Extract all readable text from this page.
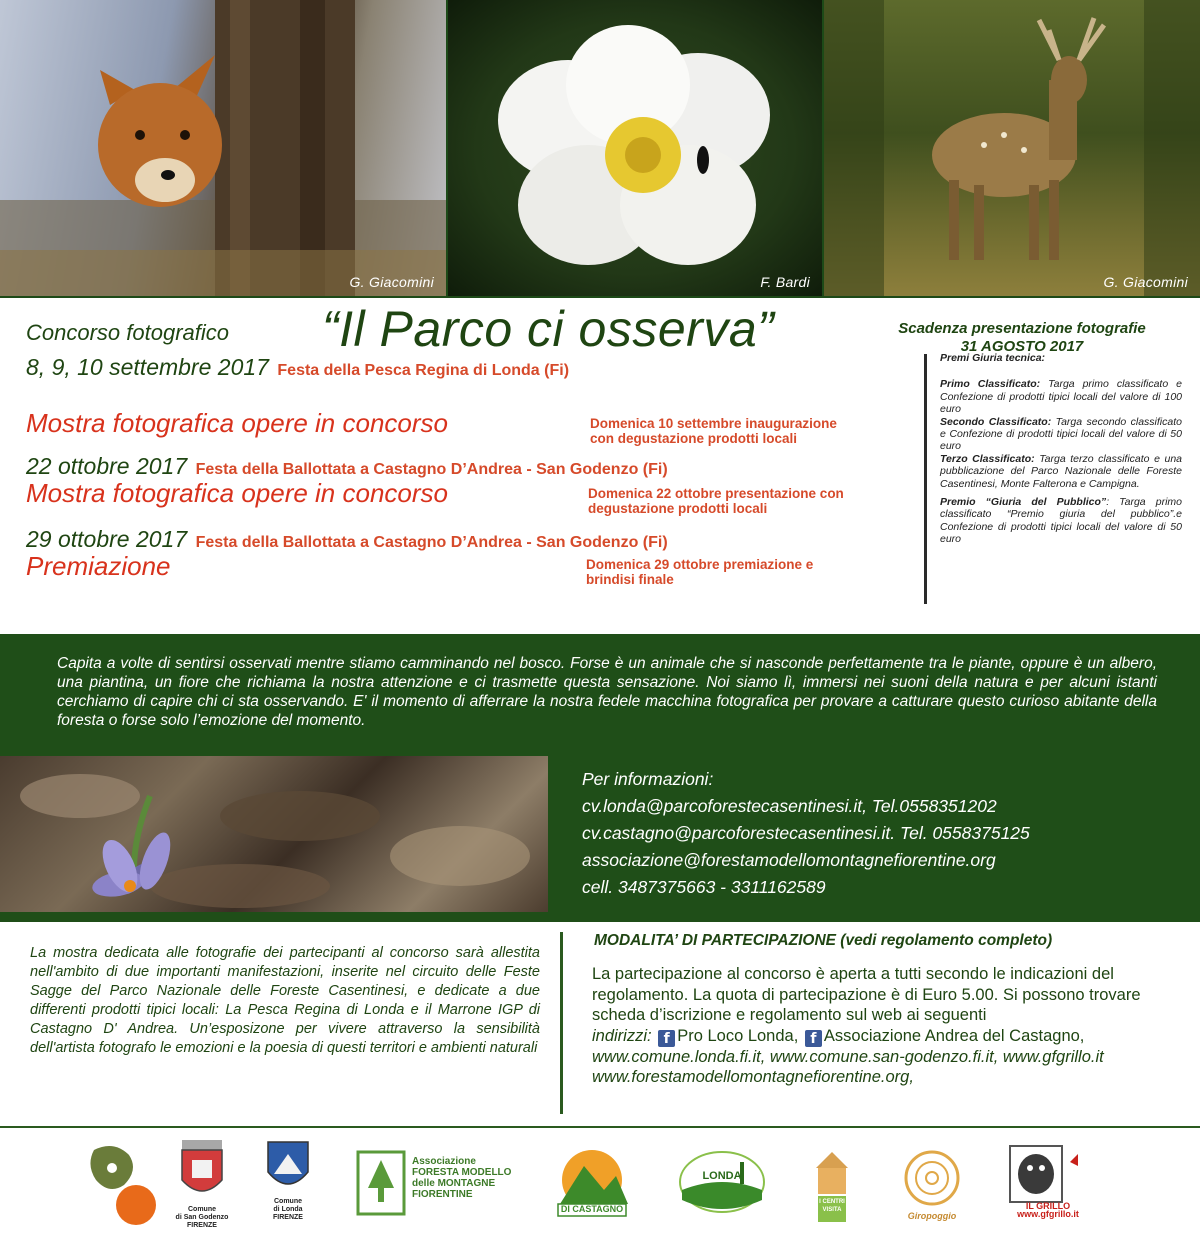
G. Giacomini	F. Bardi	G. Giacomini
Concorso fotografico “Il Parco ci osserva”	Scadenza presentazione fotografie
31 AGOSTO 2017
8, 9, 10 settembre 2017 Festa della Pesca Regina di Londa (Fi)
Mostra fotografica opere in concorso	Domenica 10 settembre inaugurazione
con degustazione prodotti locali
22 ottobre 2017 Festa della Ballottata a Castagno D’Andrea - San Godenzo (Fi)
Mostra fotografica opere in concorso	Domenica 22 ottobre presentazione con
degustazione prodotti locali
29 ottobre 2017 Festa della Ballottata a Castagno D’Andrea - San Godenzo (Fi)
Premiazione	Domenica 29 ottobre premiazione e
brindisi finale

Premi Giuria tecnica:

Primo Classificato: Targa primo classificato e Confezione di prodotti tipici locali del valore di 100 euro
Secondo Classificato: Targa secondo classificato e Confezione di prodotti tipici locali del valore di 50 euro
Terzo Classificato: Targa terzo classificato e una pubblicazione del Parco Nazionale delle Foreste Casentinesi, Monte Falterona e Campigna.

Premio “Giuria del Pubblico”: Targa primo classificato “Premio giuria del pubblico”.e Confezione di prodotti tipici locali del valore di 50 euro

Capita a volte di sentirsi osservati mentre stiamo camminando nel bosco. Forse è un animale che si nasconde perfettamente tra le piante, oppure è un albero, una piantina, un fiore che richiama la nostra attenzione e ci trasmette questa sensazione. Noi siamo lì, immersi nei suoni della natura e per alcuni istanti cerchiamo di capire chi ci sta osservando. E' il momento di afferrare la nostra fedele macchina fotografica per provare a catturare questo curioso abitante della foresta o forse solo l’emozione del momento.
Per informazioni:
cv.londa@parcoforestecasentinesi.it, Tel.0558351202
cv.castagno@parcoforestecasentinesi.it. Tel. 0558375125
associazione@forestamodellomontagnefiorentine.org
cell. 3487375663 - 3311162589
La mostra dedicata alle fotografie dei partecipanti al concorso sarà allestita nell'ambito di due importanti manifestazioni, inserite nel circuito delle Feste Sagge del Parco Nazionale delle Foreste Casentinesi, e dedicate a due differenti prodotti tipici locali: La Pesca Regina di Londa e il Marrone IGP di Castagno D' Andrea. Un’esposizone per vivere attraverso la sensibilità dell'artista fotografo le emozioni e la poesia di questi territori e ambienti naturali
MODALITA’ DI PARTECIPAZIONE (vedi regolamento completo)
La partecipazione al concorso è aperta a tutti secondo le indicazioni del regolamento. La quota di partecipazione è di Euro 5.00. Si possono trovare scheda d’iscrizione e regolamento sul web ai seguenti
indirizzi: f Pro Loco Londa, f Associazione Andrea del Castagno,
www.comune.londa.fi.it, www.comune.san-godenzo.fi.it, www.gfgrillo.it
www.forestamodellomontagnefiorentine.org,
Comune
di San Godenzo
FIRENZE
Comune
di Londa
FIRENZE
Associazione
FORESTA MODELLO
delle MONTAGNE
FIORENTINE
DI CASTAGNO
LONDA
I CENTRI
VISITA
Giropoggio
IL GRILLO
www.gfgrillo.it
